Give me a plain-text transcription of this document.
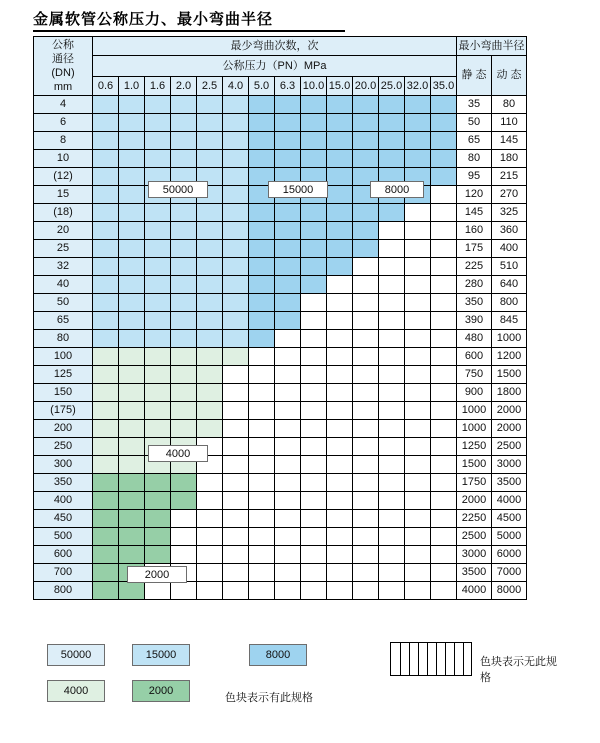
金属软管公称压力、最小弯曲半径
公称
通径
(DN)
mm	最少弯曲次数，次														最小弯曲半径	
	公称压力（PN）MPa														静 态	动 态
	0.6	1.0	1.6	2.0	2.5	4.0	5.0	6.3	10.0	15.0	20.0	25.0	32.0	35.0		
4															35	80
6															50	110
8															65	145
10															80	180
(12)															95	215
15															120	270
(18)															145	325
20															160	360
25															175	400
32															225	510
40															280	640
50															350	800
65															390	845
80															480	1000
100															600	1200
125															750	1500
150															900	1800
(175)															1000	2000
200															1000	2000
250															1250	2500
300															1500	3000
350															1750	3500
400															2000	4000
450															2250	4500
500															2500	5000
600															3000	6000
700															3500	7000
800															4000	8000
50000	15000	8000
4000
2000
色块表示无此规格
色块表示有此规格
50000	15000	8000
4000	2000
